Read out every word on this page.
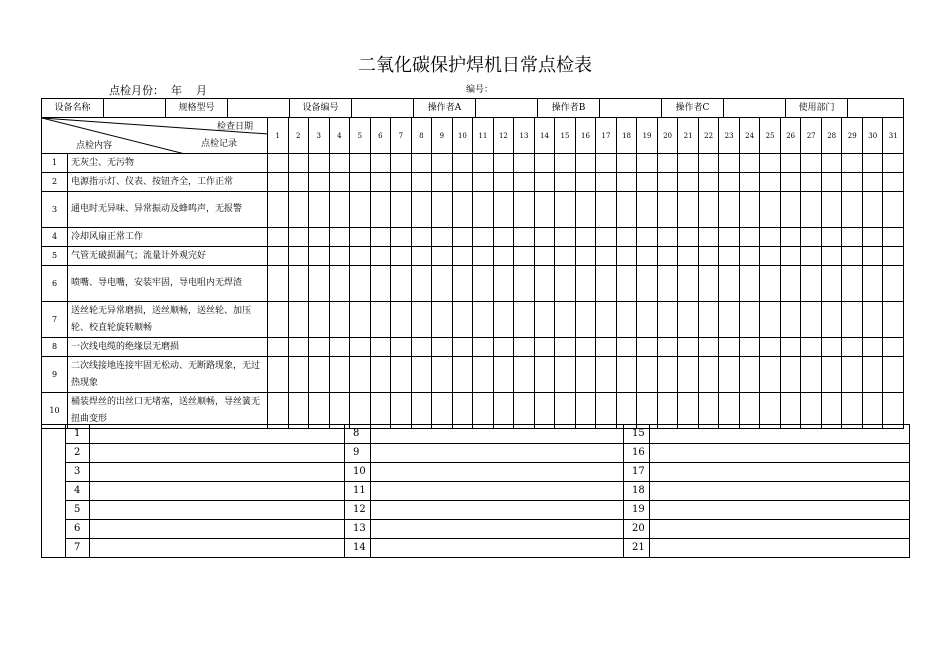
二氧化碳保护焊机日常点检表
点检月份： 年 月	编号：
设备名称		规格型号		设备编号		操作者A		操作者B		操作者C		使用部门	
检查日期
点检记录
点检内容		1	2	3	4	5	6	7	8	9	10	11	12	13	14	15	16	17	18	19	20	21	22	23	24	25	26	27	28	29	30	31
1	无灰尘、无污物																															
2	电源指示灯、仪表、按钮齐全，工作正常																															
3	通电时无异味、异常振动及蜂鸣声，无报警																															
4	冷却风扇正常工作																															
5	气管无破损漏气；流量计外观完好																															
6	喷嘴、导电嘴，安装牢固，导电咀内无焊渣																															
7	送丝轮无异常磨损，送丝顺畅，送丝轮、加压轮、校直轮旋转顺畅																															
8	一次线电缆的绝缘层无磨损																															
9	二次线接地连接牢固无松动、无断路现象，无过热现象																															
10	桶装焊丝的出丝口无堵塞，送丝顺畅，导丝簧无扭曲变形																															
	1		8		15	
	2		9		16	
	3		10		17	
	4		11		18	
	5		12		19	
	6		13		20	
	7		14		21	
